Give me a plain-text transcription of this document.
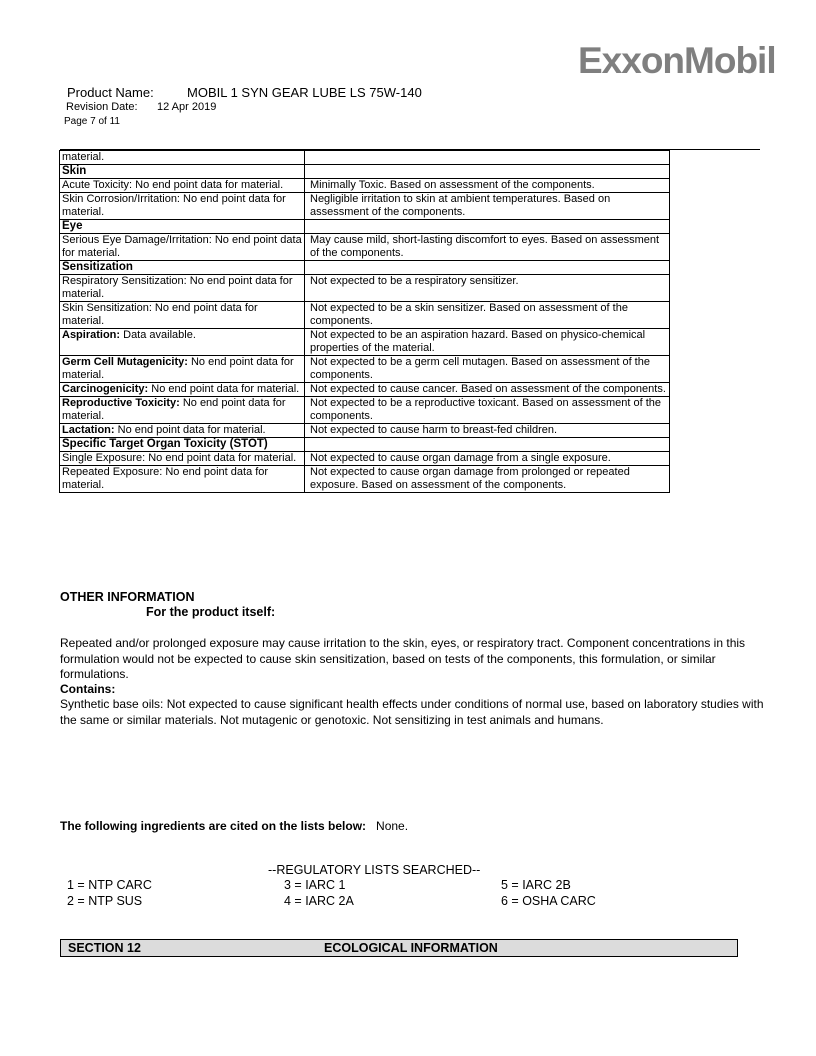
ExxonMobil
Product Name:	MOBIL 1 SYN GEAR LUBE LS 75W-140
Revision Date: 12 Apr 2019
Page 7 of 11
material.	
Skin	
Acute Toxicity: No end point data for material.	Minimally Toxic. Based on assessment of the components.
Skin Corrosion/Irritation: No end point data for material.	Negligible irritation to skin at ambient temperatures. Based on assessment of the components.
Eye	
Serious Eye Damage/Irritation: No end point data for material.	May cause mild, short-lasting discomfort to eyes. Based on assessment of the components.
Sensitization	
Respiratory Sensitization: No end point data for material.	Not expected to be a respiratory sensitizer.
Skin Sensitization: No end point data for material.	Not expected to be a skin sensitizer. Based on assessment of the components.
Aspiration: Data available.	Not expected to be an aspiration hazard. Based on physico-chemical properties of the material.
Germ Cell Mutagenicity: No end point data for material.	Not expected to be a germ cell mutagen. Based on assessment of the components.
Carcinogenicity: No end point data for material.	Not expected to cause cancer. Based on assessment of the components.
Reproductive Toxicity: No end point data for material.	Not expected to be a reproductive toxicant. Based on assessment of the components.
Lactation: No end point data for material.	Not expected to cause harm to breast-fed children.
Specific Target Organ Toxicity (STOT)	
Single Exposure: No end point data for material.	Not expected to cause organ damage from a single exposure.
Repeated Exposure: No end point data for material.	Not expected to cause organ damage from prolonged or repeated exposure. Based on assessment of the components.
OTHER INFORMATION
For the product itself:
Repeated and/or prolonged exposure may cause irritation to the skin, eyes, or respiratory tract. Component concentrations in this formulation would not be expected to cause skin sensitization, based on tests of the components, this formulation, or similar formulations.
Contains:
Synthetic base oils: Not expected to cause significant health effects under conditions of normal use, based on laboratory studies with the same or similar materials. Not mutagenic or genotoxic. Not sensitizing in test animals and humans.
The following ingredients are cited on the lists below: None.
--REGULATORY LISTS SEARCHED--
1 = NTP CARC
2 = NTP SUS
3 = IARC 1
4 = IARC 2A
5 = IARC 2B
6 = OSHA CARC
SECTION 12	ECOLOGICAL INFORMATION
